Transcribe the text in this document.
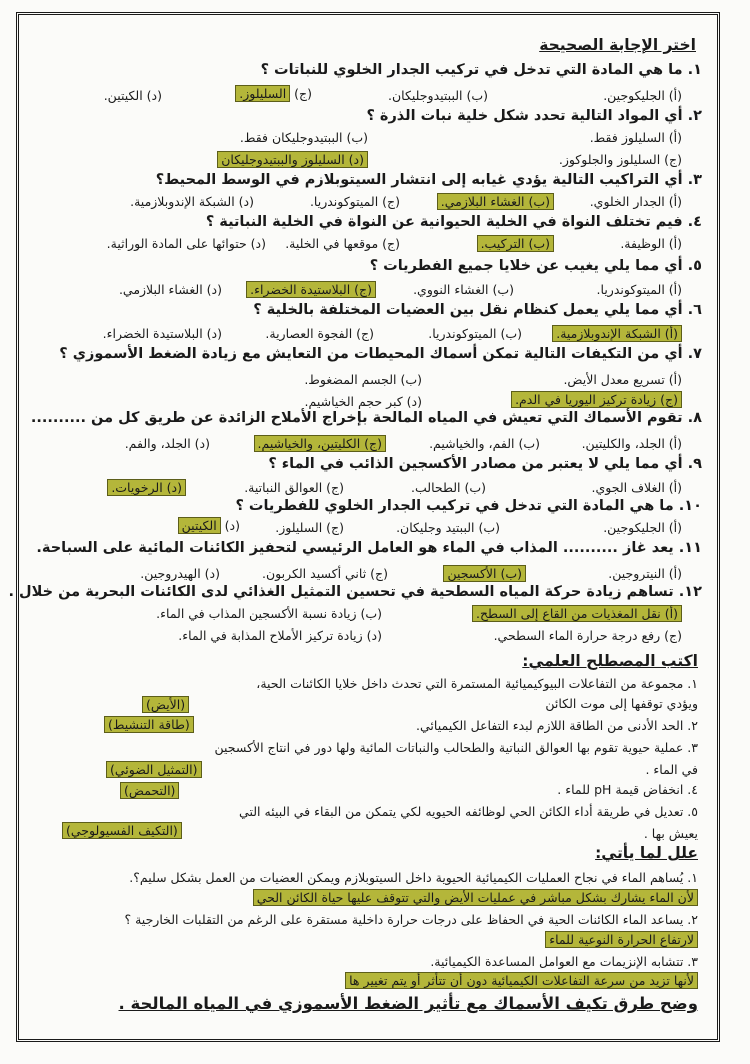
اختر الإجابة الصحيحة
١. ما هي المادة التي تدخل في تركيب الجدار الخلوي للنباتات ؟
(أ) الجليكوجين.
(ب) الببتيدوجليكان.
(ج) السليلوز.
(د) الكيتين.
٢. أي المواد التالية تحدد شكل خلية نبات الذرة ؟
(أ) السليلوز فقط.
(ب) الببتيدوجليكان فقط.
(ج) السليلوز والجلوكوز.
(د) السليلوز والببتيدوجليكان
٣. أي التراكيب التالية يؤدي غيابه إلى انتشار السيتوبلازم في الوسط المحيط؟
(أ) الجدار الخلوي.
(ب) الغشاء البلازمي.
(ج) الميتوكوندريا.
(د) الشبكة الإندوبلازمية.
٤. فيم تختلف النواة في الخلية الحيوانية عن النواة في الخلية النباتية ؟
(أ) الوظيفة.
(ب) التركيب.
(ج) موقعها في الخلية.
(د) حتوائها على المادة الوراثية.
٥. أي مما يلي يغيب عن خلايا جميع الفطريات ؟
(أ) الميتوكوندريا.
(ب) الغشاء النووي.
(ج) البلاستيدة الخضراء.
(د) الغشاء البلازمي.
٦. أي مما يلي يعمل كنظام نقل بين العضيات المختلفة بالخلية ؟
(أ) الشبكة الإندوبلازمية.
(ب) الميتوكوندريا.
(ج) الفجوة العصارية.
(د) البلاستيدة الخضراء.
٧. أي من التكيفات التالية تمكن أسماك المحيطات من التعايش مع زيادة الضغط الأسموزي ؟
(أ) تسريع معدل الأيض.
(ب) الجسم المضغوط.
(ج) زيادة تركيز اليوريا في الدم.
(د) كبر حجم الخياشيم.
٨. تقوم الأسماك التي تعيش في المياه المالحة بإخراج الأملاح الزائدة عن طريق كل من ..........
(أ) الجلد، والكليتين.
(ب) الفم، والخياشيم.
(ج) الكليتين، والخياشيم.
(د) الجلد، والفم.
٩. أي مما يلي لا يعتبر من مصادر الأكسجين الذائب في الماء ؟
(أ) الغلاف الجوي.
(ب) الطحالب.
(ج) العوالق النباتية.
(د) الرخويات.
١٠. ما هي المادة التي تدخل في تركيب الجدار الخلوي للفطريات ؟
(أ) الجليكوجين.
(ب) الببتيد وجليكان.
(ج) السليلوز.
(د) الكيتين
١١. يعد غاز .......... المذاب في الماء هو العامل الرئيسي لتحفيز الكائنات المائية على السباحة.
(أ) النيتروجين.
(ب) الأكسجين
(ج) ثاني أكسيد الكربون.
(د) الهيدروجين.
١٢. تساهم زيادة حركة المياه السطحية في تحسين التمثيل الغذائي لدى الكائنات البحرية من خلال .
(أ) نقل المغذيات من القاع إلى السطح.
(ب) زيادة نسبة الأكسجين المذاب في الماء.
(ج) رفع درجة حرارة الماء السطحي.
(د) زيادة تركيز الأملاح المذابة في الماء.
اكتب المصطلح العلمي:
١. مجموعة من التفاعلات البيوكيميائية المستمرة التي تحدث داخل خلايا الكائنات الحية،
ويؤدي توقفها إلى موت الكائن
(الأيض)
٢. الحد الأدنى من الطاقة اللازم لبدء التفاعل الكيميائي.
(طاقة التنشيط)
٣. عملية حيوية تقوم بها العوالق النباتية والطحالب والنباتات المائية ولها دور في انتاج الأكسجين
(التمثيل الضوئي)	في الماء .
(التحمض)	٤. انخفاض قيمة pH للماء .
٥. تعديل في طريقة أداء الكائن الحي لوظائفه الحيويه لكي يتمكن من البقاء في البيئه التي
يعيش بها .
(التكيف الفسيولوجي)
علل لما يأتي:
١. يُساهم الماء في نجاح العمليات الكيميائية الحيوية داخل السيتوبلازم ويمكن العضيات من العمل بشكل سليم؟.
لأن الماء يشارك بشكل مباشر في عمليات الأيض والتي تتوقف عليها حياة الكائن الحي
٢. يساعد الماء الكائنات الحية في الحفاظ على درجات حرارة داخلية مستقرة على الرغم من التقلبات الخارجية ؟
لارتفاع الحرارة النوعية للماء
٣. تتشابه الإنزيمات مع العوامل المساعدة الكيميائية.
لأنها تزيد من سرعة التفاعلات الكيميائية دون أن تتأثر أو يتم تغيير ها
وضح طرق تكيف الأسماك مع تأثير الضغط الأسموزي في المياه المالحة .
